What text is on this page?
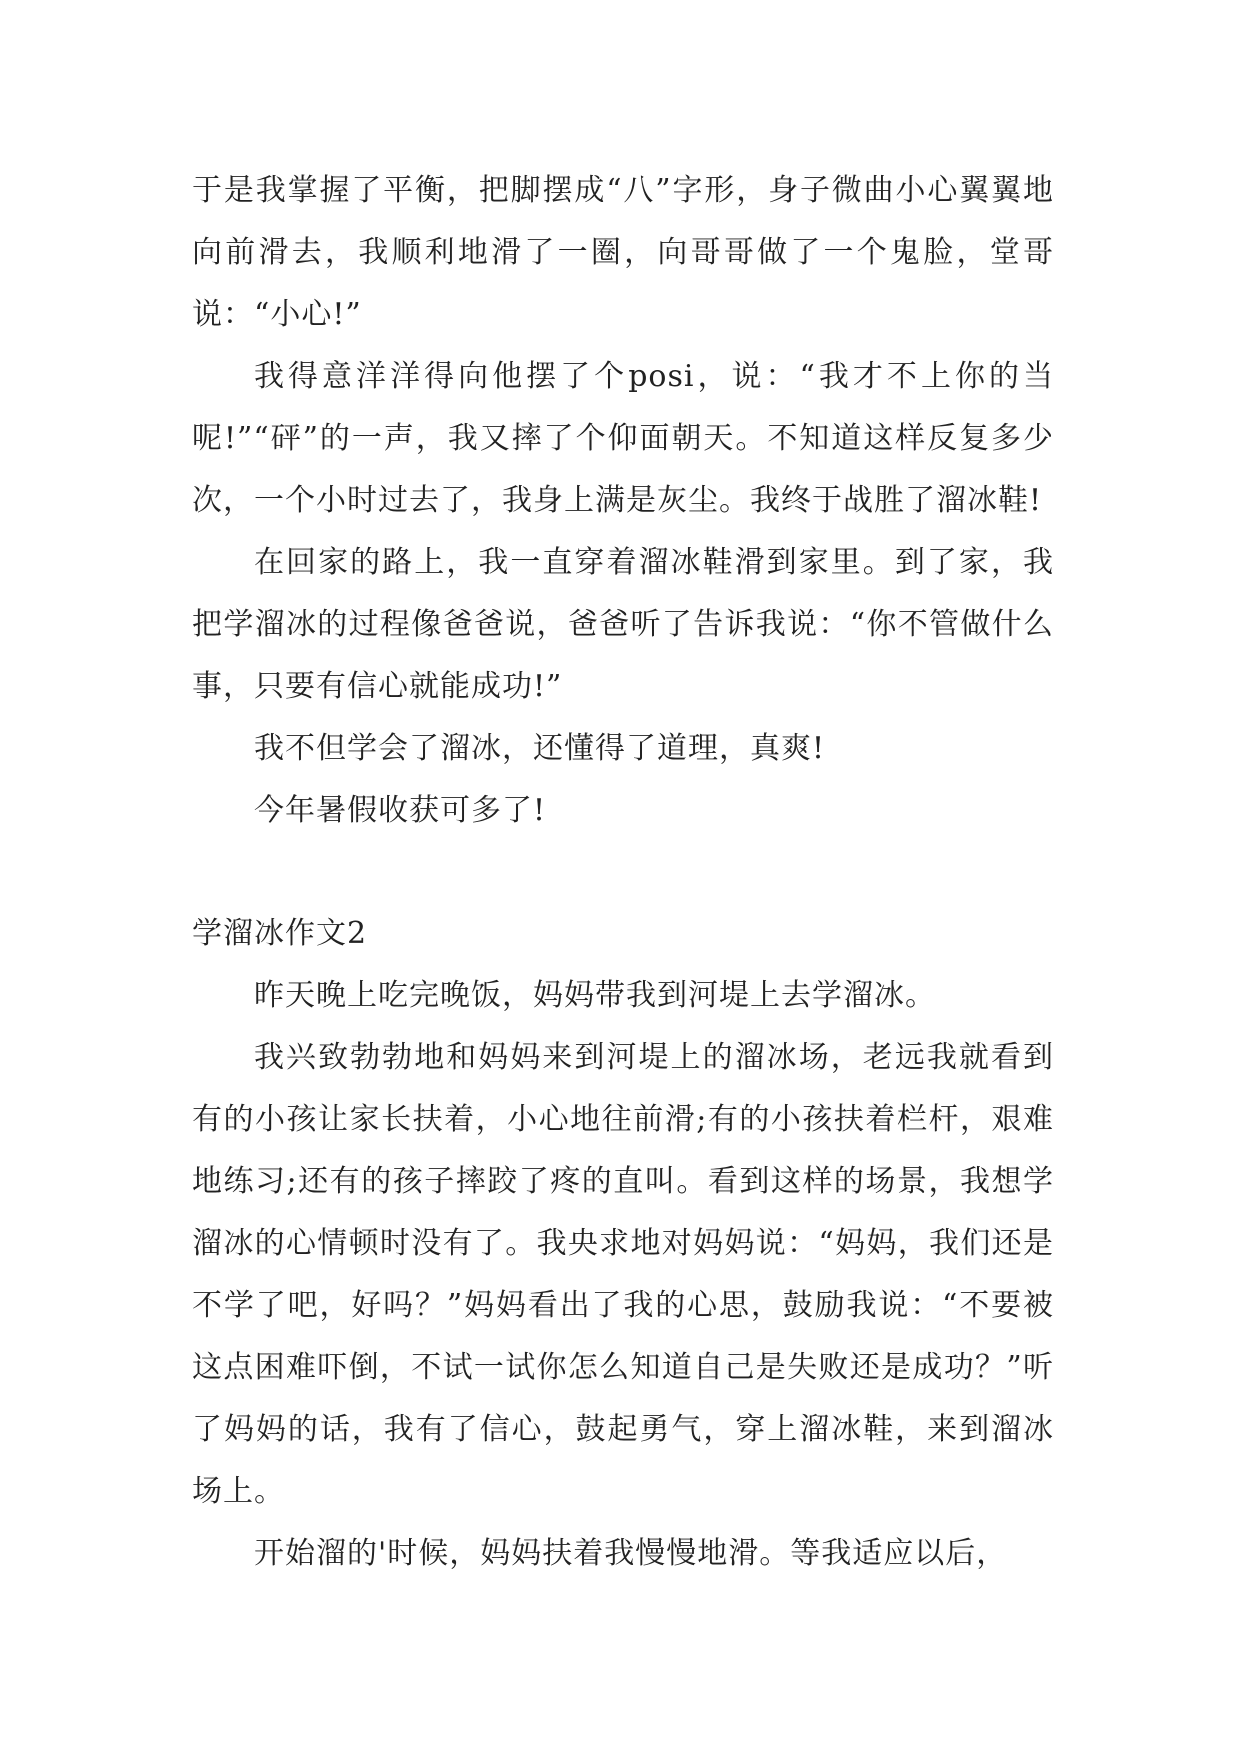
于是我掌握了平衡，把脚摆成“八”字形，身子微曲小心翼翼地向前滑去，我顺利地滑了一圈，向哥哥做了一个鬼脸，堂哥说：“小心!”

我得意洋洋得向他摆了个posi，说：“我才不上你的当呢!”“砰”的一声，我又摔了个仰面朝天。不知道这样反复多少次，一个小时过去了，我身上满是灰尘。我终于战胜了溜冰鞋!

在回家的路上，我一直穿着溜冰鞋滑到家里。到了家，我把学溜冰的过程像爸爸说，爸爸听了告诉我说：“你不管做什么事，只要有信心就能成功!”

我不但学会了溜冰，还懂得了道理，真爽!

今年暑假收获可多了!

学溜冰作文2

昨天晚上吃完晚饭，妈妈带我到河堤上去学溜冰。

我兴致勃勃地和妈妈来到河堤上的溜冰场，老远我就看到有的小孩让家长扶着，小心地往前滑;有的小孩扶着栏杆，艰难地练习;还有的孩子摔跤了疼的直叫。看到这样的场景，我想学溜冰的心情顿时没有了。我央求地对妈妈说：“妈妈，我们还是不学了吧，好吗？”妈妈看出了我的心思，鼓励我说：“不要被这点困难吓倒，不试一试你怎么知道自己是失败还是成功？”听了妈妈的话，我有了信心，鼓起勇气，穿上溜冰鞋，来到溜冰场上。

开始溜的'时候，妈妈扶着我慢慢地滑。等我适应以后，
